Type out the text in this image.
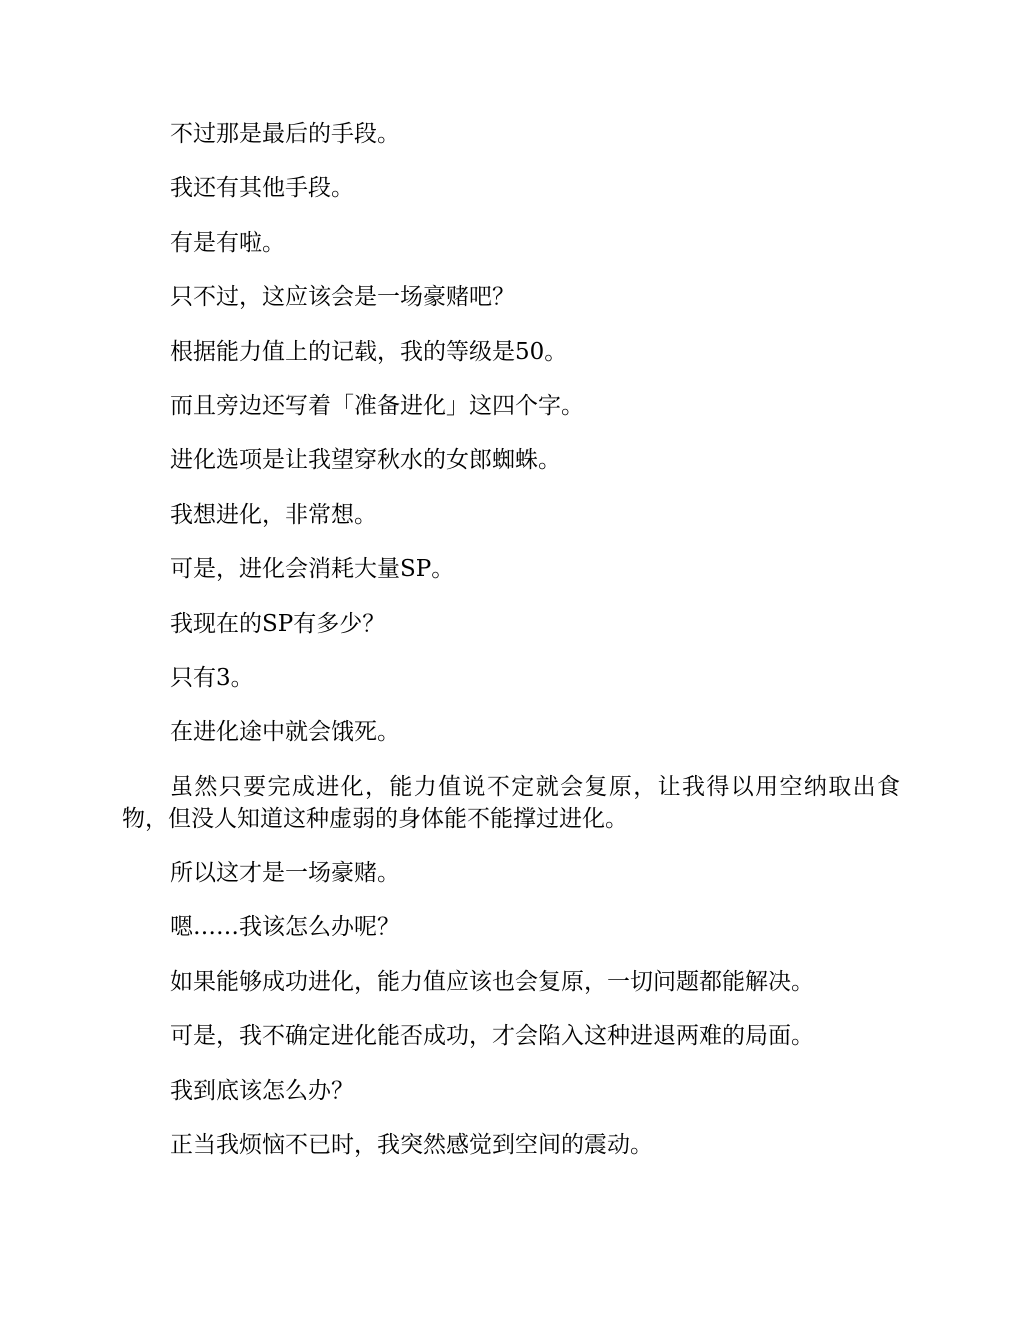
不过那是最后的手段。

我还有其他手段。

有是有啦。

只不过，这应该会是一场豪赌吧？

根据能力值上的记载，我的等级是50。

而且旁边还写着「准备进化」这四个字。

进化选项是让我望穿秋水的女郎蜘蛛。

我想进化，非常想。

可是，进化会消耗大量SP。

我现在的SP有多少？

只有3。

在进化途中就会饿死。

虽然只要完成进化，能力值说不定就会复原，让我得以用空纳取出食物，但没人知道这种虚弱的身体能不能撑过进化。

所以这才是一场豪赌。

嗯……我该怎么办呢？

如果能够成功进化，能力值应该也会复原，一切问题都能解决。

可是，我不确定进化能否成功，才会陷入这种进退两难的局面。

我到底该怎么办？

正当我烦恼不已时，我突然感觉到空间的震动。
